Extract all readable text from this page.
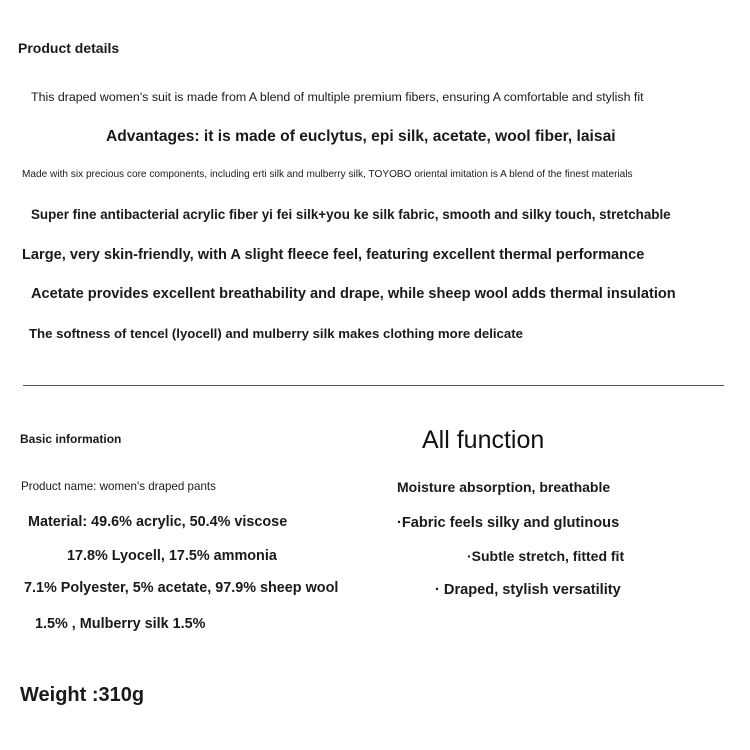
Product details

This draped women's suit is made from A blend of multiple premium fibers, ensuring A comfortable and stylish fit

Advantages: it is made of euclytus, epi silk, acetate, wool fiber, laisai

Made with six precious core components, including erti silk and mulberry silk, TOYOBO oriental imitation is A blend of the finest materials

Super fine antibacterial acrylic fiber yi fei silk+you ke silk fabric, smooth and silky touch, stretchable

Large, very skin-friendly, with A slight fleece feel, featuring excellent thermal performance

Acetate provides excellent breathability and drape, while sheep wool adds thermal insulation

The softness of tencel (lyocell) and mulberry silk makes clothing more delicate

Basic information

Product name: women's draped pants

Material: 49.6% acrylic, 50.4% viscose

17.8% Lyocell, 17.5% ammonia

7.1% Polyester, 5% acetate, 97.9% sheep wool

1.5% , Mulberry silk 1.5%

Weight :310g

All function

Moisture absorption, breathable

·Fabric feels silky and glutinous

·Subtle stretch, fitted fit

· Draped, stylish versatility
